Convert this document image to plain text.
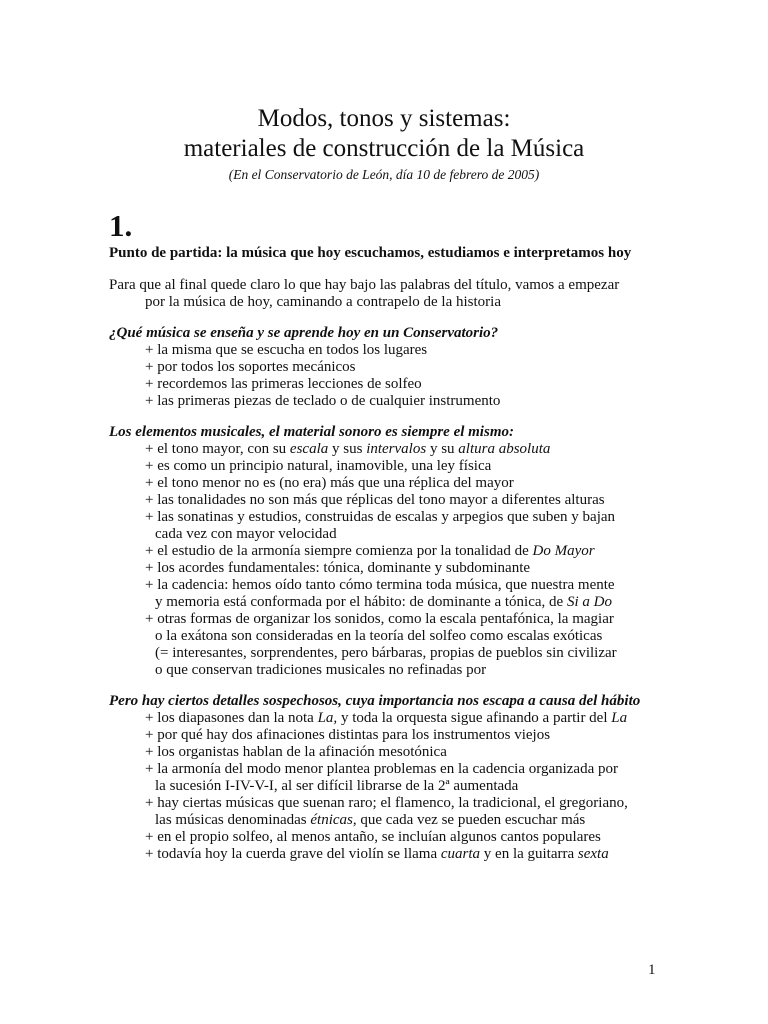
Modos, tonos y sistemas:
materiales de construcción de la Música
(En el Conservatorio de León, día 10 de febrero de 2005)
1.
Punto de partida: la música que hoy escuchamos, estudiamos e interpretamos hoy

Para que al final quede claro lo que hay bajo las palabras del título, vamos a empezar
por la música de hoy, caminando a contrapelo de la historia

¿Qué música se enseña y se aprende hoy en un Conservatorio?
+ la misma que se escucha en todos los lugares
+ por todos los soportes mecánicos
+ recordemos las primeras lecciones de solfeo
+ las primeras piezas de teclado o de cualquier instrumento
Los elementos musicales, el material sonoro es siempre el mismo:
+ el tono mayor, con su escala y sus intervalos y su altura absoluta
+ es como un principio natural, inamovible, una ley física
+ el tono menor no es (no era) más que una réplica del mayor
+ las tonalidades no son más que réplicas del tono mayor a diferentes alturas
+ las sonatinas y estudios, construidas de escalas y arpegios que suben y bajan
cada vez con mayor velocidad
+ el estudio de la armonía siempre comienza por la tonalidad de Do Mayor
+ los acordes fundamentales: tónica, dominante y subdominante
+ la cadencia: hemos oído tanto cómo termina toda música, que nuestra mente
y memoria está conformada por el hábito: de dominante a tónica, de Si a Do
+ otras formas de organizar los sonidos, como la escala pentafónica, la magiar
o la exátona son consideradas en la teoría del solfeo como escalas exóticas
(= interesantes, sorprendentes, pero bárbaras, propias de pueblos sin civilizar
o que conservan tradiciones musicales no refinadas por
Pero hay ciertos detalles sospechosos, cuya importancia nos escapa a causa del hábito
+ los diapasones dan la nota La, y toda la orquesta sigue afinando a partir del La
+ por qué hay dos afinaciones distintas para los instrumentos viejos
+ los organistas hablan de la afinación mesotónica
+ la armonía del modo menor plantea problemas en la cadencia organizada por
la sucesión I-IV-V-I, al ser difícil librarse de la 2ª aumentada
+ hay ciertas músicas que suenan raro; el flamenco, la tradicional, el gregoriano,
las músicas denominadas étnicas, que cada vez se pueden escuchar más
+ en el propio solfeo, al menos antaño, se incluían algunos cantos populares
+ todavía hoy la cuerda grave del violín se llama cuarta y en la guitarra sexta
1
